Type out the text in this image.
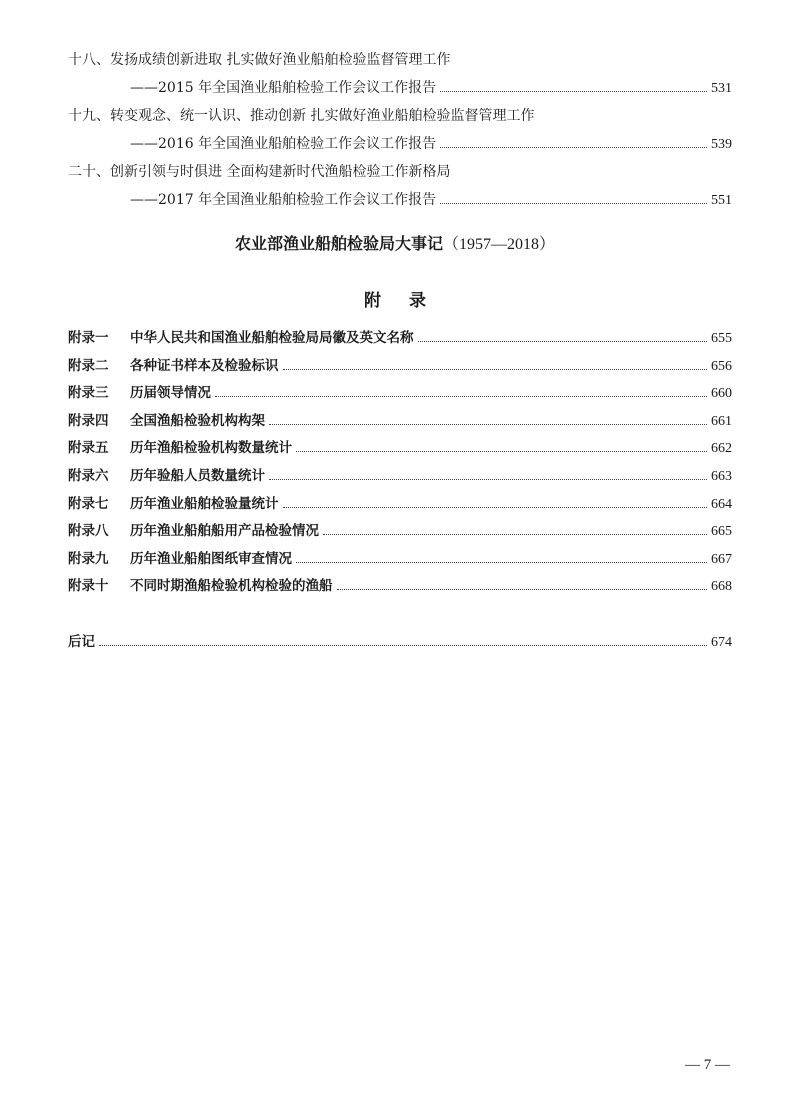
十八、发扬成绩创新进取 扎实做好渔业船舶检验监督管理工作
——2015 年全国渔业船舶检验工作会议工作报告	531
十九、转变观念、统一认识、推动创新 扎实做好渔业船舶检验监督管理工作
——2016 年全国渔业船舶检验工作会议工作报告	539
二十、创新引领与时俱进 全面构建新时代渔船检验工作新格局
——2017 年全国渔业船舶检验工作会议工作报告	551
农业部渔业船舶检验局大事记（1957—2018）
附录
附录一	中华人民共和国渔业船舶检验局局徽及英文名称	655
附录二	各种证书样本及检验标识	656
附录三	历届领导情况	660
附录四	全国渔船检验机构构架	661
附录五	历年渔船检验机构数量统计	662
附录六	历年验船人员数量统计	663
附录七	历年渔业船舶检验量统计	664
附录八	历年渔业船舶船用产品检验情况	665
附录九	历年渔业船舶图纸审查情况	667
附录十	不同时期渔船检验机构检验的渔船	668
后记	674
— 7 —
